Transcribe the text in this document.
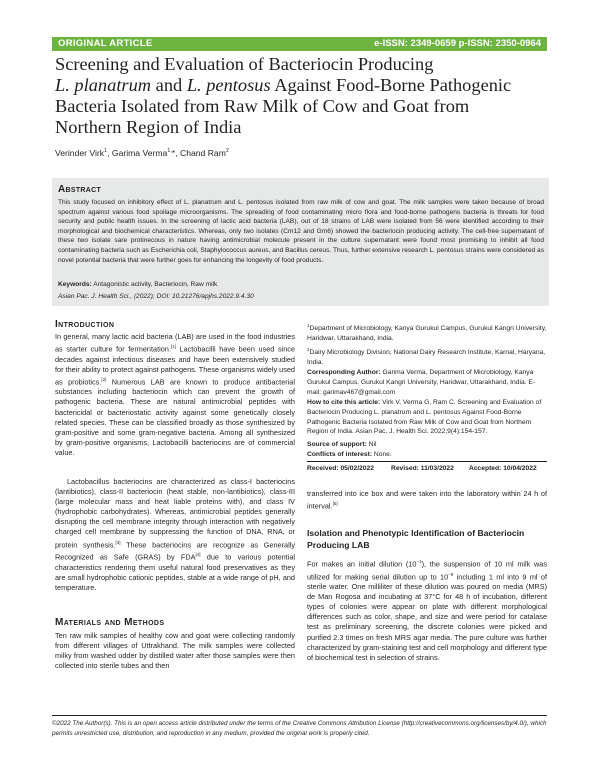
ORIGINAL ARTICLE	e-ISSN: 2349-0659 p-ISSN: 2350-0964
Screening and Evaluation of Bacteriocin Producing
L. planatrum and L. pentosus Against Food-Borne Pathogenic
Bacteria Isolated from Raw Milk of Cow and Goat from
Northern Region of India
Verinder Virk$^1$, Garima Verma$^{1,}$*, Chand Ram$^2$
Abstract
This study focused on inhibitory effect of L. planatrum and L. pentosus isolated from raw milk of cow and goat. The milk samples were taken because of broad spectrum against various food spoilage microorganisms. The spreading of food contaminating micro flora and food-borne pathogens bacteria is threats for food security and public health issues. In the screening of lactic acid bacteria (LAB), out of 18 strains of LAB were isolated from 56 were identified according to their morphological and biochemical characteristics. Whereas, only two isolates (Cm12 and Gm6) showed the bacteriocin producing activity. The cell-free supernatant of these two isolate sare protinecous in nature having antimicrobial molecule present in the culture supernatant were found most promising to inhibit all food contaminating bacteria such as Escherichia coli, Staphylococcus aureus, and Bacillus cereus. Thus, further extensive research L. pentosus strains were considered as novel potential bacteria that were further goes for enhancing the longevity of food products.
Keywords: Antagonistic activity, Bacteriocin, Raw milk
Asian Pac. J. Health Sci., (2022); DOI: 10.21276/apjhs.2022.9.4.30
Introduction

In general, many lactic acid bacteria (LAB) are used in the food industries as starter culture for fermentation.[1] Lactobacilli have been used since decades against infectious diseases and have been extensively studied for their ability to protect against pathogens. These organisms widely used as probiotics.[2] Numerous LAB are known to produce antibacterial substances including bacteriocin which can prevent the growth of pathogenic bacteria. These are natural antimicrobial peptides with bactericidal or bacteriostatic activity against some genetically closely related species. These can be classified broadly as those synthesized by gram-positive and some gram-negative bacteria. Among all synthesized by gram-positive organisms, Lactobacilli bacteriocins are of commercial value.

Lactobacillus bacteriocins are characterized as class-I bacteriocins (lantibiotics), class-II bacteriocin (heat stable, non-lantibiotics), class-III (large molecular mass and heat liable proteins with), and class IV (hydrophobic carbohydrates). Whereas, antimicrobial peptides generally disrupting the cell membrane integrity through interaction with negatively charged cell membrane by suppressing the function of DNA, RNA, or protein synthesis.[3] These bacteriocins are recognize as Generally Recognized as Safe (GRAS) by FDA[4] due to various potential characteristics rendering them useful natural food preservatives as they are small hydrophobic cationic peptides, stable at a wide range of pH, and temperature.

Materials and Methods

Ten raw milk samples of healthy cow and goat were collecting randomly from different villages of Uttrakhand. The milk samples were collected milky from washed udder by distilled water after those samples were then collected into sterile tubes and then

$^1$Department of Microbiology, Kanya Gurukul Campus, Gurukul Kangri University, Haridwar, Uttarakhand, India.
$^2$Dairy Microbiology Division, National Dairy Research Institute, Karnal, Haryana, India.
Corresponding Author: Garima Verma, Department of Microbiology, Kanya Gurukul Campus, Gurukul Kangri University, Haridwar, Uttarakhand, India. E-mail: garimav467@gmail.com
How to cite this article: Virk V, Verma G, Ram C. Screening and Evaluation of Bacteriocin Producing L. planatrum and L. pentosus Against Food-Borne Pathogenic Bacteria Isolated from Raw Milk of Cow and Goat from Northern Region of India. Asian Pac. J. Health Sci. 2022;9(4):154-157.
Source of support: Nil
Conflicts of interest: None.
Received: 05/02/2022	Revised: 11/03/2022 Accepted: 10/04/2022

transferred into ice box and were taken into the laboratory within 24 h of interval.[5]

Isolation and Phenotypic Identification of Bacteriocin Producing LAB

For makes an initial dilution $(10^{-1})$, the suspension of 10 ml milk was utilized for making serial dilution up to $10^{-9}$ including 1 ml into 9 ml of sterile water. One milliliter of these dilution was poured on media (MRS) de Man Rogosa and incubating at 37°C for 48 h of incubation, different types of colonies were appear on plate with different morphological differences such as color, shape, and size and were period for catalase test as preliminary screening, the discrete colonies were picked and purified 2.3 times on fresh MRS agar media. The pure culture was further characterized by gram-staining test and cell morphology and different type of biochemical test in selection of strains.

©2022 The Author(s). This is an open access article distributed under the terms of the Creative Commons Attribution License (http://creativecommons.org/licenses/by/4.0/), which permits unrestricted use, distribution, and reproduction in any medium, provided the original work is properly cited.
